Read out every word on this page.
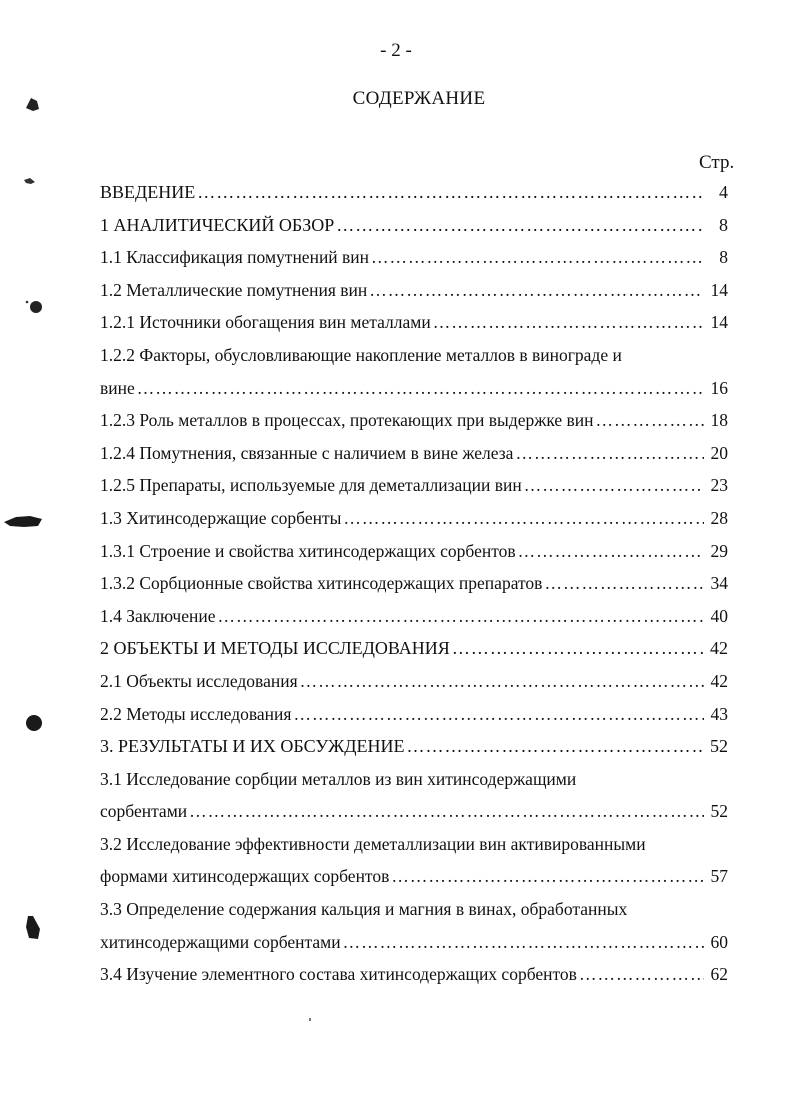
- 2 -
СОДЕРЖАНИЕ
Стр.
ВВЕДЕНИЕ …………………………………………………………………………………………………………………………………………………………………………………	4
1 АНАЛИТИЧЕСКИЙ ОБЗОР …………………………………………………………………………………………………………………………………………………………………………………	8
1.1 Классификация помутнений вин …………………………………………………………………………………………………………………………………………………………………………………	8
1.2 Металлические помутнения вин …………………………………………………………………………………………………………………………………………………………………………………	14
1.2.1 Источники обогащения вин металлами …………………………………………………………………………………………………………………………………………………………………………………	14
1.2.2 Факторы, обусловливающие накопление металлов в винограде и
вине …………………………………………………………………………………………………………………………………………………………………………………	16
1.2.3 Роль металлов в процессах, протекающих при выдержке вин …………………………………………………………………………………………………………………………………………………………………………………	18
1.2.4 Помутнения, связанные с наличием в вине железа …………………………………………………………………………………………………………………………………………………………………………………	20
1.2.5 Препараты, используемые для деметаллизации вин …………………………………………………………………………………………………………………………………………………………………………………	23
1.3 Хитинсодержащие сорбенты …………………………………………………………………………………………………………………………………………………………………………………	28
1.3.1 Строение и свойства хитинсодержащих сорбентов …………………………………………………………………………………………………………………………………………………………………………………	29
1.3.2 Сорбционные свойства хитинсодержащих препаратов …………………………………………………………………………………………………………………………………………………………………………………	34
1.4 Заключение …………………………………………………………………………………………………………………………………………………………………………………	40
2 ОБЪЕКТЫ И МЕТОДЫ ИССЛЕДОВАНИЯ …………………………………………………………………………………………………………………………………………………………………………………	42
2.1 Объекты исследования …………………………………………………………………………………………………………………………………………………………………………………	42
2.2 Методы исследования …………………………………………………………………………………………………………………………………………………………………………………	43
3. РЕЗУЛЬТАТЫ И ИХ ОБСУЖДЕНИЕ …………………………………………………………………………………………………………………………………………………………………………………	52
3.1 Исследование сорбции металлов из вин хитинсодержащими
сорбентами …………………………………………………………………………………………………………………………………………………………………………………	52
3.2 Исследование эффективности деметаллизации вин активированными
формами хитинсодержащих сорбентов …………………………………………………………………………………………………………………………………………………………………………………	57
3.3 Определение содержания кальция и магния в винах, обработанных
хитинсодержащими сорбентами …………………………………………………………………………………………………………………………………………………………………………………	60
3.4 Изучение элементного состава хитинсодержащих сорбентов …………………………………………………………………………………………………………………………………………………………………………………	62
